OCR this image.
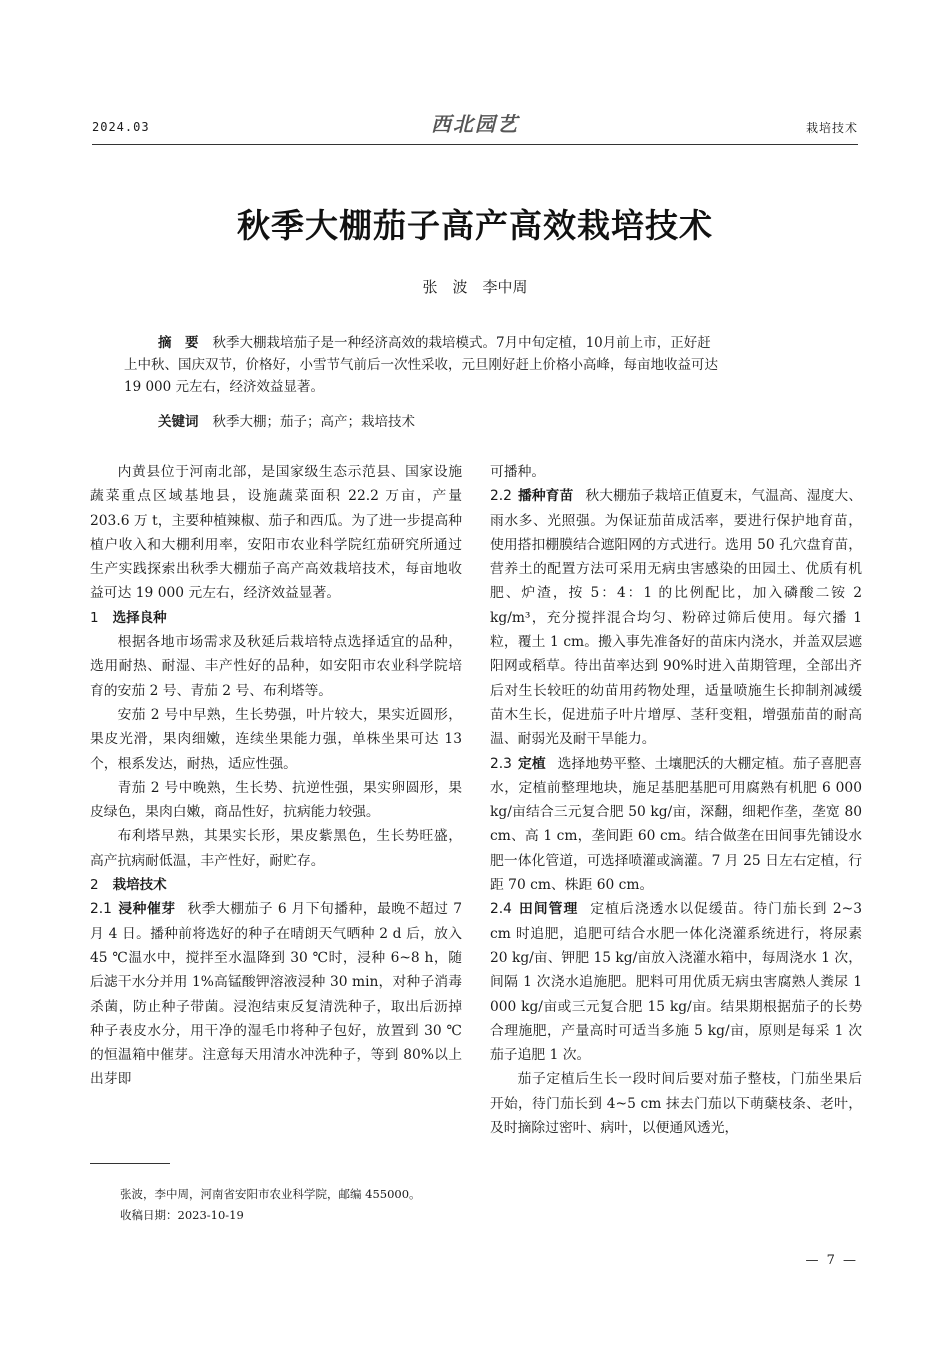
2024.03	西北园艺	栽培技术
秋季大棚茄子高产高效栽培技术
张　波　李中周
摘　要 秋季大棚栽培茄子是一种经济高效的栽培模式。7月中旬定植，10月前上市，正好赶
上中秋、国庆双节，价格好，小雪节气前后一次性采收，元旦刚好赶上价格小高峰，每亩地收益可达
19 000 元左右，经济效益显著。
关键词 秋季大棚；茄子；高产；栽培技术

内黄县位于河南北部，是国家级生态示范县、国家设施蔬菜重点区域基地县，设施蔬菜面积 22.2 万亩，产量 203.6 万 t，主要种植辣椒、茄子和西瓜。为了进一步提高种植户收入和大棚利用率，安阳市农业科学院红茄研究所通过生产实践探索出秋季大棚茄子高产高效栽培技术，每亩地收益可达 19 000 元左右，经济效益显著。

1 选择良种

根据各地市场需求及秋延后栽培特点选择适宜的品种，选用耐热、耐湿、丰产性好的品种，如安阳市农业科学院培育的安茄 2 号、青茄 2 号、布利塔等。

安茄 2 号中早熟，生长势强，叶片较大，果实近圆形，果皮光滑，果肉细嫩，连续坐果能力强，单株坐果可达 13 个，根系发达，耐热，适应性强。

青茄 2 号中晚熟，生长势、抗逆性强，果实卵圆形，果皮绿色，果肉白嫩，商品性好，抗病能力较强。

布利塔早熟，其果实长形，果皮紫黑色，生长势旺盛，高产抗病耐低温，丰产性好，耐贮存。

2 栽培技术

2.1 浸种催芽 秋季大棚茄子 6 月下旬播种，最晚不超过 7 月 4 日。播种前将选好的种子在晴朗天气晒种 2 d 后，放入 45 ℃温水中，搅拌至水温降到 30 ℃时，浸种 6~8 h，随后滤干水分并用 1%高锰酸钾溶液浸种 30 min，对种子消毒杀菌，防止种子带菌。浸泡结束反复清洗种子，取出后沥掉种子表皮水分，用干净的湿毛巾将种子包好，放置到 30 ℃的恒温箱中催芽。注意每天用清水冲洗种子，等到 80%以上出芽即

可播种。

2.2 播种育苗 秋大棚茄子栽培正值夏末，气温高、湿度大、雨水多、光照强。为保证茄苗成活率，要进行保护地育苗，使用搭扣棚膜结合遮阳网的方式进行。选用 50 孔穴盘育苗，营养土的配置方法可采用无病虫害感染的田园土、优质有机肥、炉渣，按 5：4：1 的比例配比，加入磷酸二铵 2 kg/m³，充分搅拌混合均匀、粉碎过筛后使用。每穴播 1 粒，覆土 1 cm。搬入事先准备好的苗床内浇水，并盖双层遮阳网或稻草。待出苗率达到 90%时进入苗期管理，全部出齐后对生长较旺的幼苗用药物处理，适量喷施生长抑制剂减缓苗木生长，促进茄子叶片增厚、茎秆变粗，增强茄苗的耐高温、耐弱光及耐干旱能力。

2.3 定植 选择地势平整、土壤肥沃的大棚定植。茄子喜肥喜水，定植前整理地块，施足基肥基肥可用腐熟有机肥 6 000 kg/亩结合三元复合肥 50 kg/亩，深翻，细耙作垄，垄宽 80 cm、高 1 cm，垄间距 60 cm。结合做垄在田间事先铺设水肥一体化管道，可选择喷灌或滴灌。7 月 25 日左右定植，行距 70 cm、株距 60 cm。

2.4 田间管理 定植后浇透水以促缓苗。待门茄长到 2~3 cm 时追肥，追肥可结合水肥一体化浇灌系统进行，将尿素 20 kg/亩、钾肥 15 kg/亩放入浇灌水箱中，每周浇水 1 次，间隔 1 次浇水追施肥。肥料可用优质无病虫害腐熟人粪尿 1 000 kg/亩或三元复合肥 15 kg/亩。结果期根据茄子的长势合理施肥，产量高时可适当多施 5 kg/亩，原则是每采 1 次茄子追肥 1 次。

茄子定植后生长一段时间后要对茄子整枝，门茄坐果后开始，待门茄长到 4~5 cm 抹去门茄以下萌蘖枝条、老叶，及时摘除过密叶、病叶，以便通风透光，

张波，李中周，河南省安阳市农业科学院，邮编 455000。
收稿日期：2023-10-19
— 7 —
